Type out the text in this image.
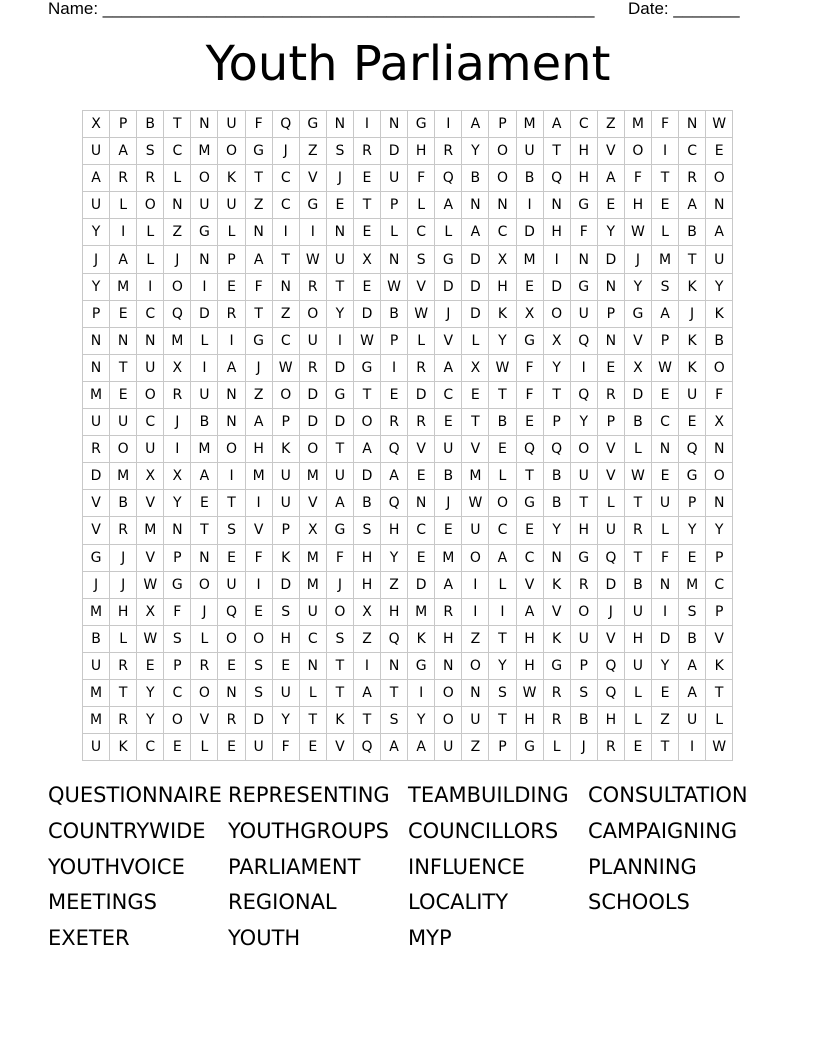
Name: ____________________________________________________ Date: _______
Youth Parliament
X	P	B	T	N	U	F	Q	G	N	I	N	G	I	A	P	M	A	C	Z	M	F	N	W
U	A	S	C	M	O	G	J	Z	S	R	D	H	R	Y	O	U	T	H	V	O	I	C	E
A	R	R	L	O	K	T	C	V	J	E	U	F	Q	B	O	B	Q	H	A	F	T	R	O
U	L	O	N	U	U	Z	C	G	E	T	P	L	A	N	N	I	N	G	E	H	E	A	N
Y	I	L	Z	G	L	N	I	I	N	E	L	C	L	A	C	D	H	F	Y	W	L	B	A
J	A	L	J	N	P	A	T	W	U	X	N	S	G	D	X	M	I	N	D	J	M	T	U
Y	M	I	O	I	E	F	N	R	T	E	W	V	D	D	H	E	D	G	N	Y	S	K	Y
P	E	C	Q	D	R	T	Z	O	Y	D	B	W	J	D	K	X	O	U	P	G	A	J	K
N	N	N	M	L	I	G	C	U	I	W	P	L	V	L	Y	G	X	Q	N	V	P	K	B
N	T	U	X	I	A	J	W	R	D	G	I	R	A	X	W	F	Y	I	E	X	W	K	O
M	E	O	R	U	N	Z	O	D	G	T	E	D	C	E	T	F	T	Q	R	D	E	U	F
U	U	C	J	B	N	A	P	D	D	O	R	R	E	T	B	E	P	Y	P	B	C	E	X
R	O	U	I	M	O	H	K	O	T	A	Q	V	U	V	E	Q	Q	O	V	L	N	Q	N
D	M	X	X	A	I	M	U	M	U	D	A	E	B	M	L	T	B	U	V	W	E	G	O
V	B	V	Y	E	T	I	U	V	A	B	Q	N	J	W	O	G	B	T	L	T	U	P	N
V	R	M	N	T	S	V	P	X	G	S	H	C	E	U	C	E	Y	H	U	R	L	Y	Y
G	J	V	P	N	E	F	K	M	F	H	Y	E	M	O	A	C	N	G	Q	T	F	E	P
J	J	W	G	O	U	I	D	M	J	H	Z	D	A	I	L	V	K	R	D	B	N	M	C
M	H	X	F	J	Q	E	S	U	O	X	H	M	R	I	I	A	V	O	J	U	I	S	P
B	L	W	S	L	O	O	H	C	S	Z	Q	K	H	Z	T	H	K	U	V	H	D	B	V
U	R	E	P	R	E	S	E	N	T	I	N	G	N	O	Y	H	G	P	Q	U	Y	A	K
M	T	Y	C	O	N	S	U	L	T	A	T	I	O	N	S	W	R	S	Q	L	E	A	T
M	R	Y	O	V	R	D	Y	T	K	T	S	Y	O	U	T	H	R	B	H	L	Z	U	L
U	K	C	E	L	E	U	F	E	V	Q	A	A	U	Z	P	G	L	J	R	E	T	I	W
QUESTIONNAIRE REPRESENTING TEAMBUILDING CONSULTATION
COUNTRYWIDE	YOUTHGROUPS COUNCILLORS	CAMPAIGNING
YOUTHVOICE	PARLIAMENT	INFLUENCE	PLANNING
MEETINGS	REGIONAL	LOCALITY	SCHOOLS
EXETER	YOUTH	MYP
